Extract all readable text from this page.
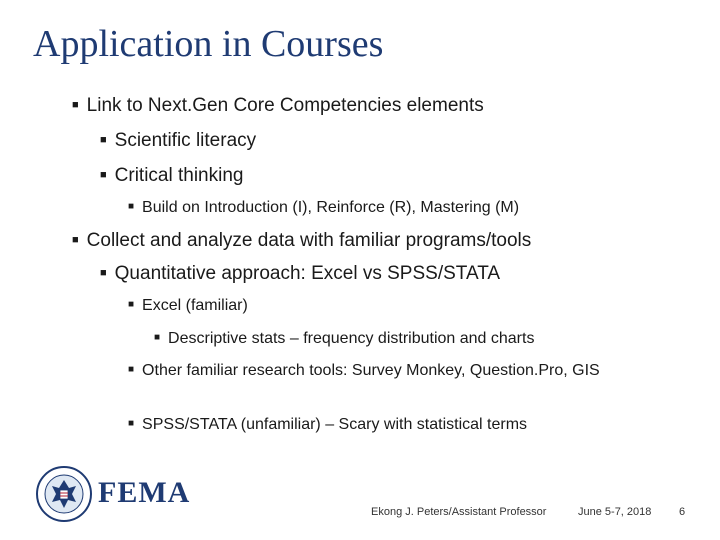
Application in Courses
■ Link to Next.Gen Core Competencies elements
■ Scientific literacy
■ Critical thinking
■ Build on Introduction (I), Reinforce (R), Mastering (M)
■ Collect and analyze data with familiar programs/tools
■ Quantitative approach: Excel vs SPSS/STATA
■ Excel (familiar)
■ Descriptive stats – frequency distribution and charts
■ Other familiar research tools: Survey Monkey, Question.Pro, GIS
■ SPSS/STATA (unfamiliar) – Scary with statistical terms
FEMA
Ekong J. Peters/Assistant Professor	June 5-7, 2018	6
